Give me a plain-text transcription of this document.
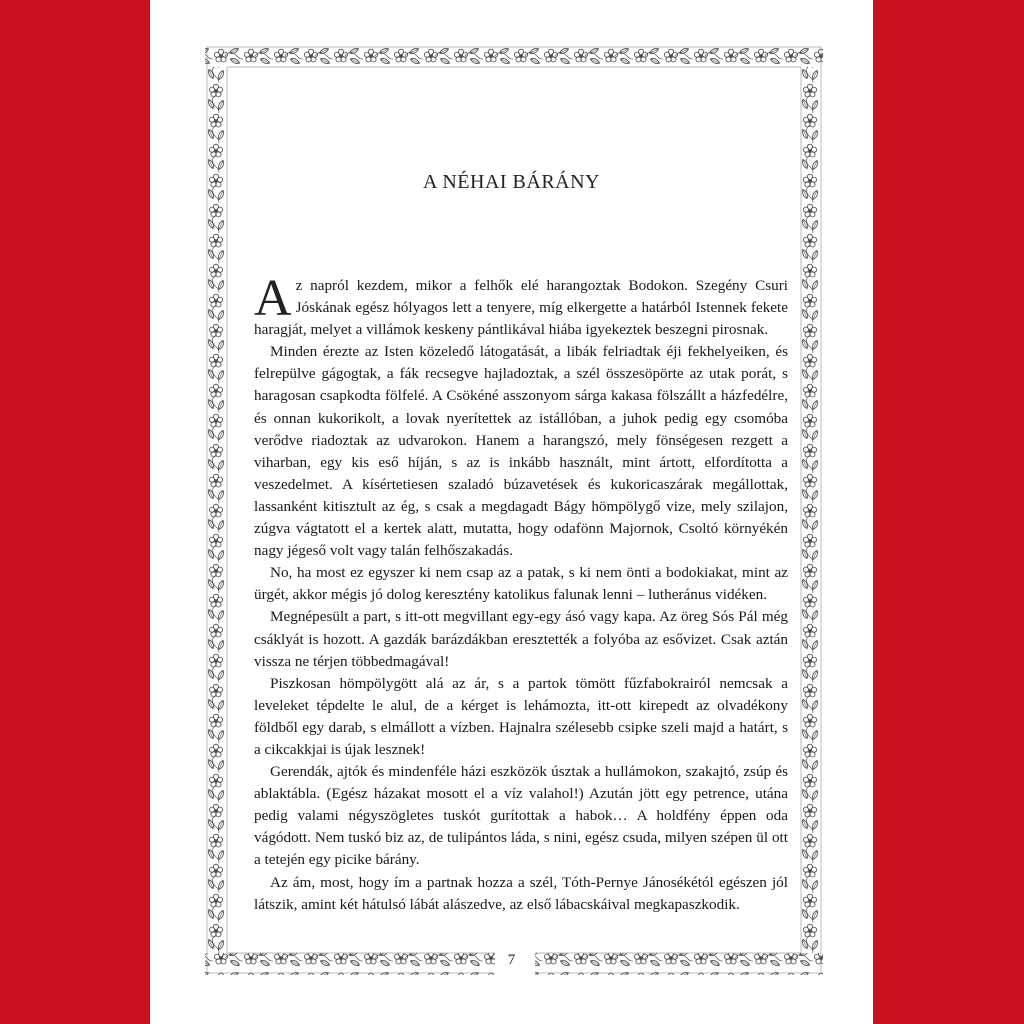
A NÉHAI BÁRÁNY

Az napról kezdem, mikor a felhők elé harangoztak Bodokon. Szegény Csuri Jóskának egész hólyagos lett a tenyere, míg elkergette a határból Istennek fekete haragját, melyet a villámok keskeny pántlikával hiába igyekeztek beszegni pirosnak.

Minden érezte az Isten közeledő látogatását, a libák felriadtak éji fekhelyeiken, és felrepülve gágogtak, a fák recsegve hajladoztak, a szél összesöpörte az utak porát, s haragosan csapkodta fölfelé. A Csökéné asszonyom sárga kakasa fölszállt a házfedélre, és onnan kukorikolt, a lovak nyerítettek az istállóban, a juhok pedig egy csomóba verődve riadoztak az udvarokon. Hanem a harangszó, mely fönségesen rezgett a viharban, egy kis eső híján, s az is inkább használt, mint ártott, elfordította a veszedelmet. A kísértetiesen szaladó búzavetések és kukoricaszárak megállottak, lassanként kitisztult az ég, s csak a megdagadt Bágy hömpölygő vize, mely szilajon, zúgva vágtatott el a kertek alatt, mutatta, hogy odafönn Majornok, Csoltó környékén nagy jégeső volt vagy talán felhőszakadás.

No, ha most ez egyszer ki nem csap az a patak, s ki nem önti a bodokiakat, mint az ürgét, akkor mégis jó dolog keresztény katolikus falunak lenni – lutheránus vidéken.

Megnépesült a part, s itt-ott megvillant egy-egy ásó vagy kapa. Az öreg Sós Pál még csáklyát is hozott. A gazdák barázdákban eresztették a folyóba az esővizet. Csak aztán vissza ne térjen többedmagával!

Piszkosan hömpölygött alá az ár, s a partok tömött fűzfabokrairól nemcsak a leveleket tépdelte le alul, de a kérget is lehámozta, itt-ott kirepedt az olvadékony földből egy darab, s elmállott a vízben. Hajnalra szélesebb csipke szeli majd a határt, s a cikcakkjai is újak lesznek!

Gerendák, ajtók és mindenféle házi eszközök úsztak a hullámokon, szakajtó, zsúp és ablaktábla. (Egész házakat mosott el a víz valahol!) Azután jött egy petrence, utána pedig valami négyszögletes tuskót gurítottak a habok… A holdfény éppen oda vágódott. Nem tuskó biz az, de tulipántos láda, s nini, egész csuda, milyen szépen ül ott a tetején egy picike bárány.

Az ám, most, hogy ím a partnak hozza a szél, Tóth-Pernye Jánosékétól egészen jól látszik, amint két hátulsó lábát alászedve, az első lábacskáival megkapaszkodik.

7
